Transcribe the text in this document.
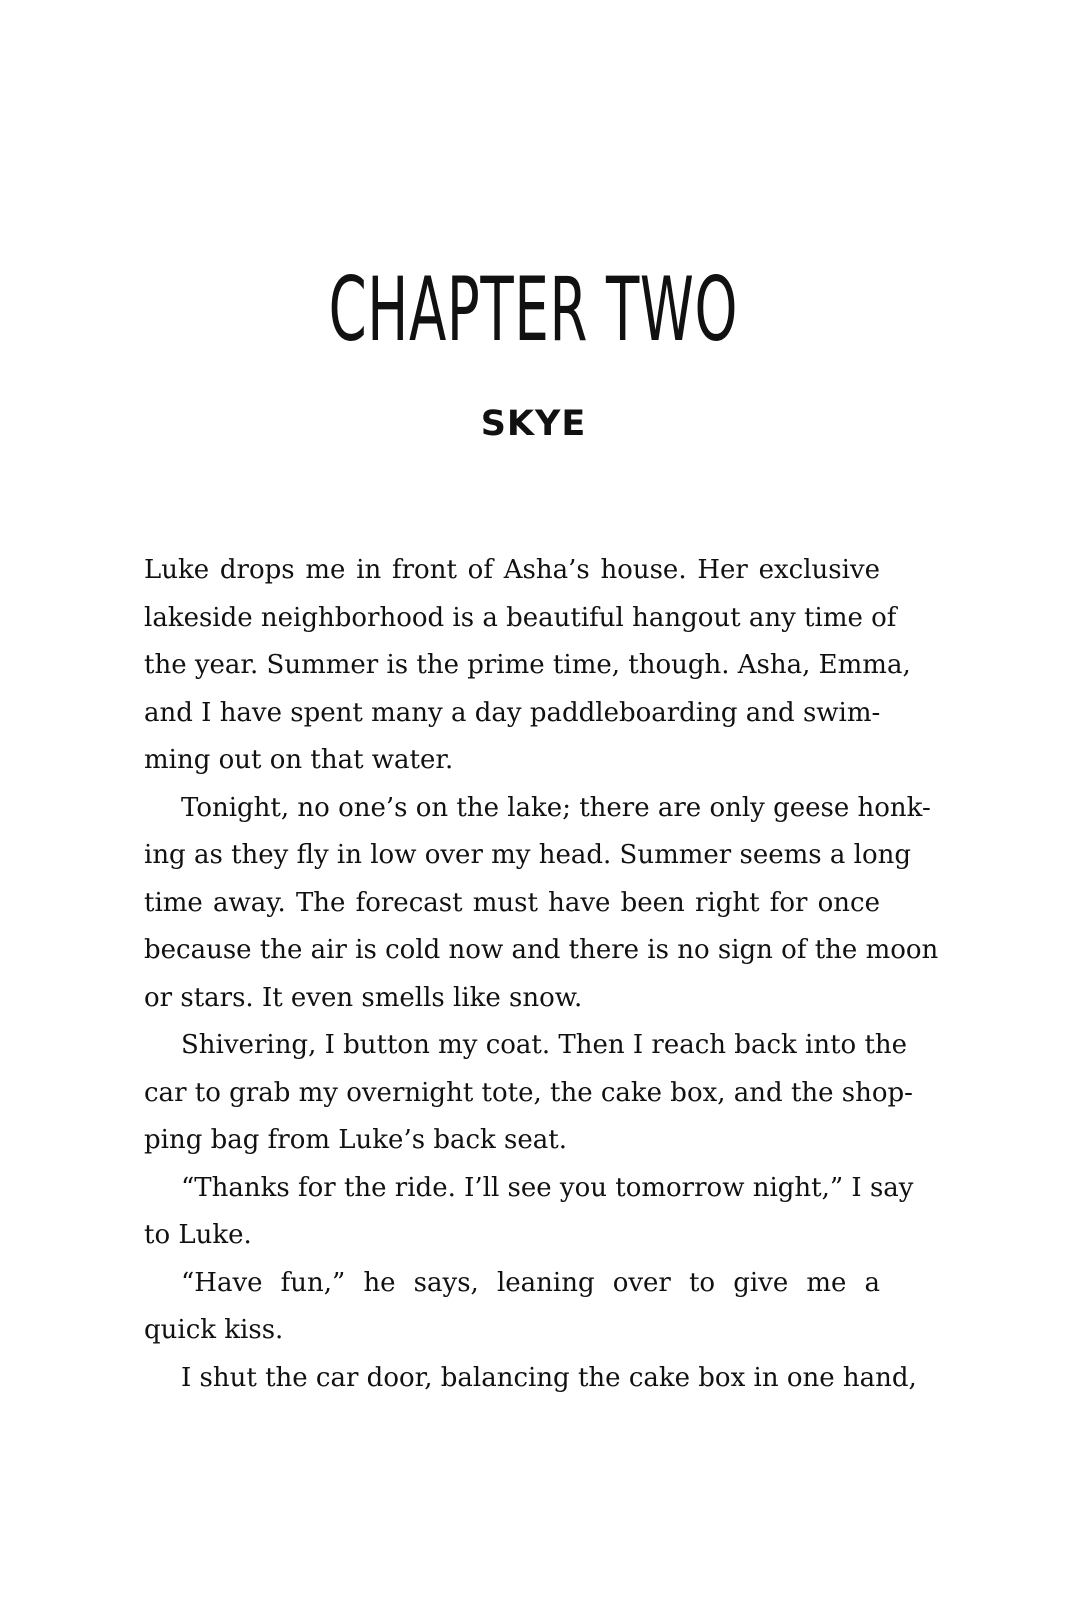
CHAPTER TWO
SKYE
Luke drops me in front of Asha’s house. Her exclusive
lakeside neighborhood is a beautiful hangout any time of
the year. Summer is the prime time, though. Asha, Emma,
and I have spent many a day paddleboarding and swim-
ming out on that water.
Tonight, no one’s on the lake; there are only geese honk-
ing as they fly in low over my head. Summer seems a long
time away. The forecast must have been right for once
because the air is cold now and there is no sign of the moon
or stars. It even smells like snow.
Shivering, I button my coat. Then I reach back into the
car to grab my overnight tote, the cake box, and the shop-
ping bag from Luke’s back seat.
“Thanks for the ride. I’ll see you tomorrow night,” I say
to Luke.
“Have fun,” he says, leaning over to give me a
quick kiss.
I shut the car door, balancing the cake box in one hand,
